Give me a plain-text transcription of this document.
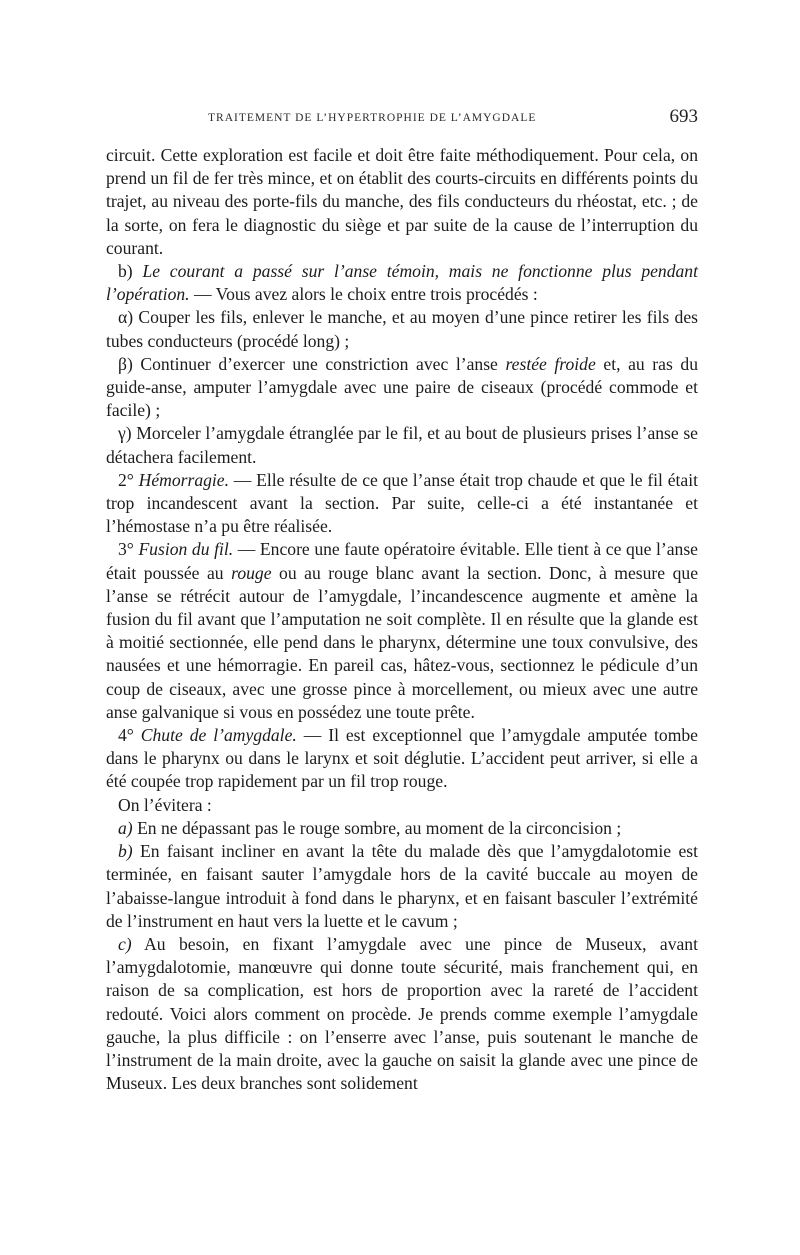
TRAITEMENT DE L’HYPERTROPHIE DE L’AMYGDALE	693

circuit. Cette exploration est facile et doit être faite méthodiquement. Pour cela, on prend un fil de fer très mince, et on établit des courts-circuits en différents points du trajet, au niveau des porte-fils du manche, des fils conducteurs du rhéostat, etc. ; de la sorte, on fera le diagnostic du siège et par suite de la cause de l’interruption du courant.

b) Le courant a passé sur l’anse témoin, mais ne fonctionne plus pendant l’opération. — Vous avez alors le choix entre trois procédés :

α) Couper les fils, enlever le manche, et au moyen d’une pince retirer les fils des tubes conducteurs (procédé long) ;

β) Continuer d’exercer une constriction avec l’anse restée froide et, au ras du guide-anse, amputer l’amygdale avec une paire de ciseaux (procédé commode et facile) ;

γ) Morceler l’amygdale étranglée par le fil, et au bout de plusieurs prises l’anse se détachera facilement.

2° Hémorragie. — Elle résulte de ce que l’anse était trop chaude et que le fil était trop incandescent avant la section. Par suite, celle-ci a été instantanée et l’hémostase n’a pu être réalisée.

3° Fusion du fil. — Encore une faute opératoire évitable. Elle tient à ce que l’anse était poussée au rouge ou au rouge blanc avant la section. Donc, à mesure que l’anse se rétrécit autour de l’amygdale, l’incandescence augmente et amène la fusion du fil avant que l’amputation ne soit complète. Il en résulte que la glande est à moitié sectionnée, elle pend dans le pharynx, détermine une toux convulsive, des nausées et une hémorragie. En pareil cas, hâtez-vous, sectionnez le pédicule d’un coup de ciseaux, avec une grosse pince à morcellement, ou mieux avec une autre anse galvanique si vous en possédez une toute prête.

4° Chute de l’amygdale. — Il est exceptionnel que l’amygdale amputée tombe dans le pharynx ou dans le larynx et soit déglutie. L’accident peut arriver, si elle a été coupée trop rapidement par un fil trop rouge.

On l’évitera :

a) En ne dépassant pas le rouge sombre, au moment de la circoncision ;

b) En faisant incliner en avant la tête du malade dès que l’amygdalotomie est terminée, en faisant sauter l’amygdale hors de la cavité buccale au moyen de l’abaisse-langue introduit à fond dans le pharynx, et en faisant basculer l’extrémité de l’instrument en haut vers la luette et le cavum ;

c) Au besoin, en fixant l’amygdale avec une pince de Museux, avant l’amygdalotomie, manœuvre qui donne toute sécurité, mais franchement qui, en raison de sa complication, est hors de proportion avec la rareté de l’accident redouté. Voici alors comment on procède. Je prends comme exemple l’amygdale gauche, la plus difficile : on l’enserre avec l’anse, puis soutenant le manche de l’instrument de la main droite, avec la gauche on saisit la glande avec une pince de Museux. Les deux branches sont solidement
